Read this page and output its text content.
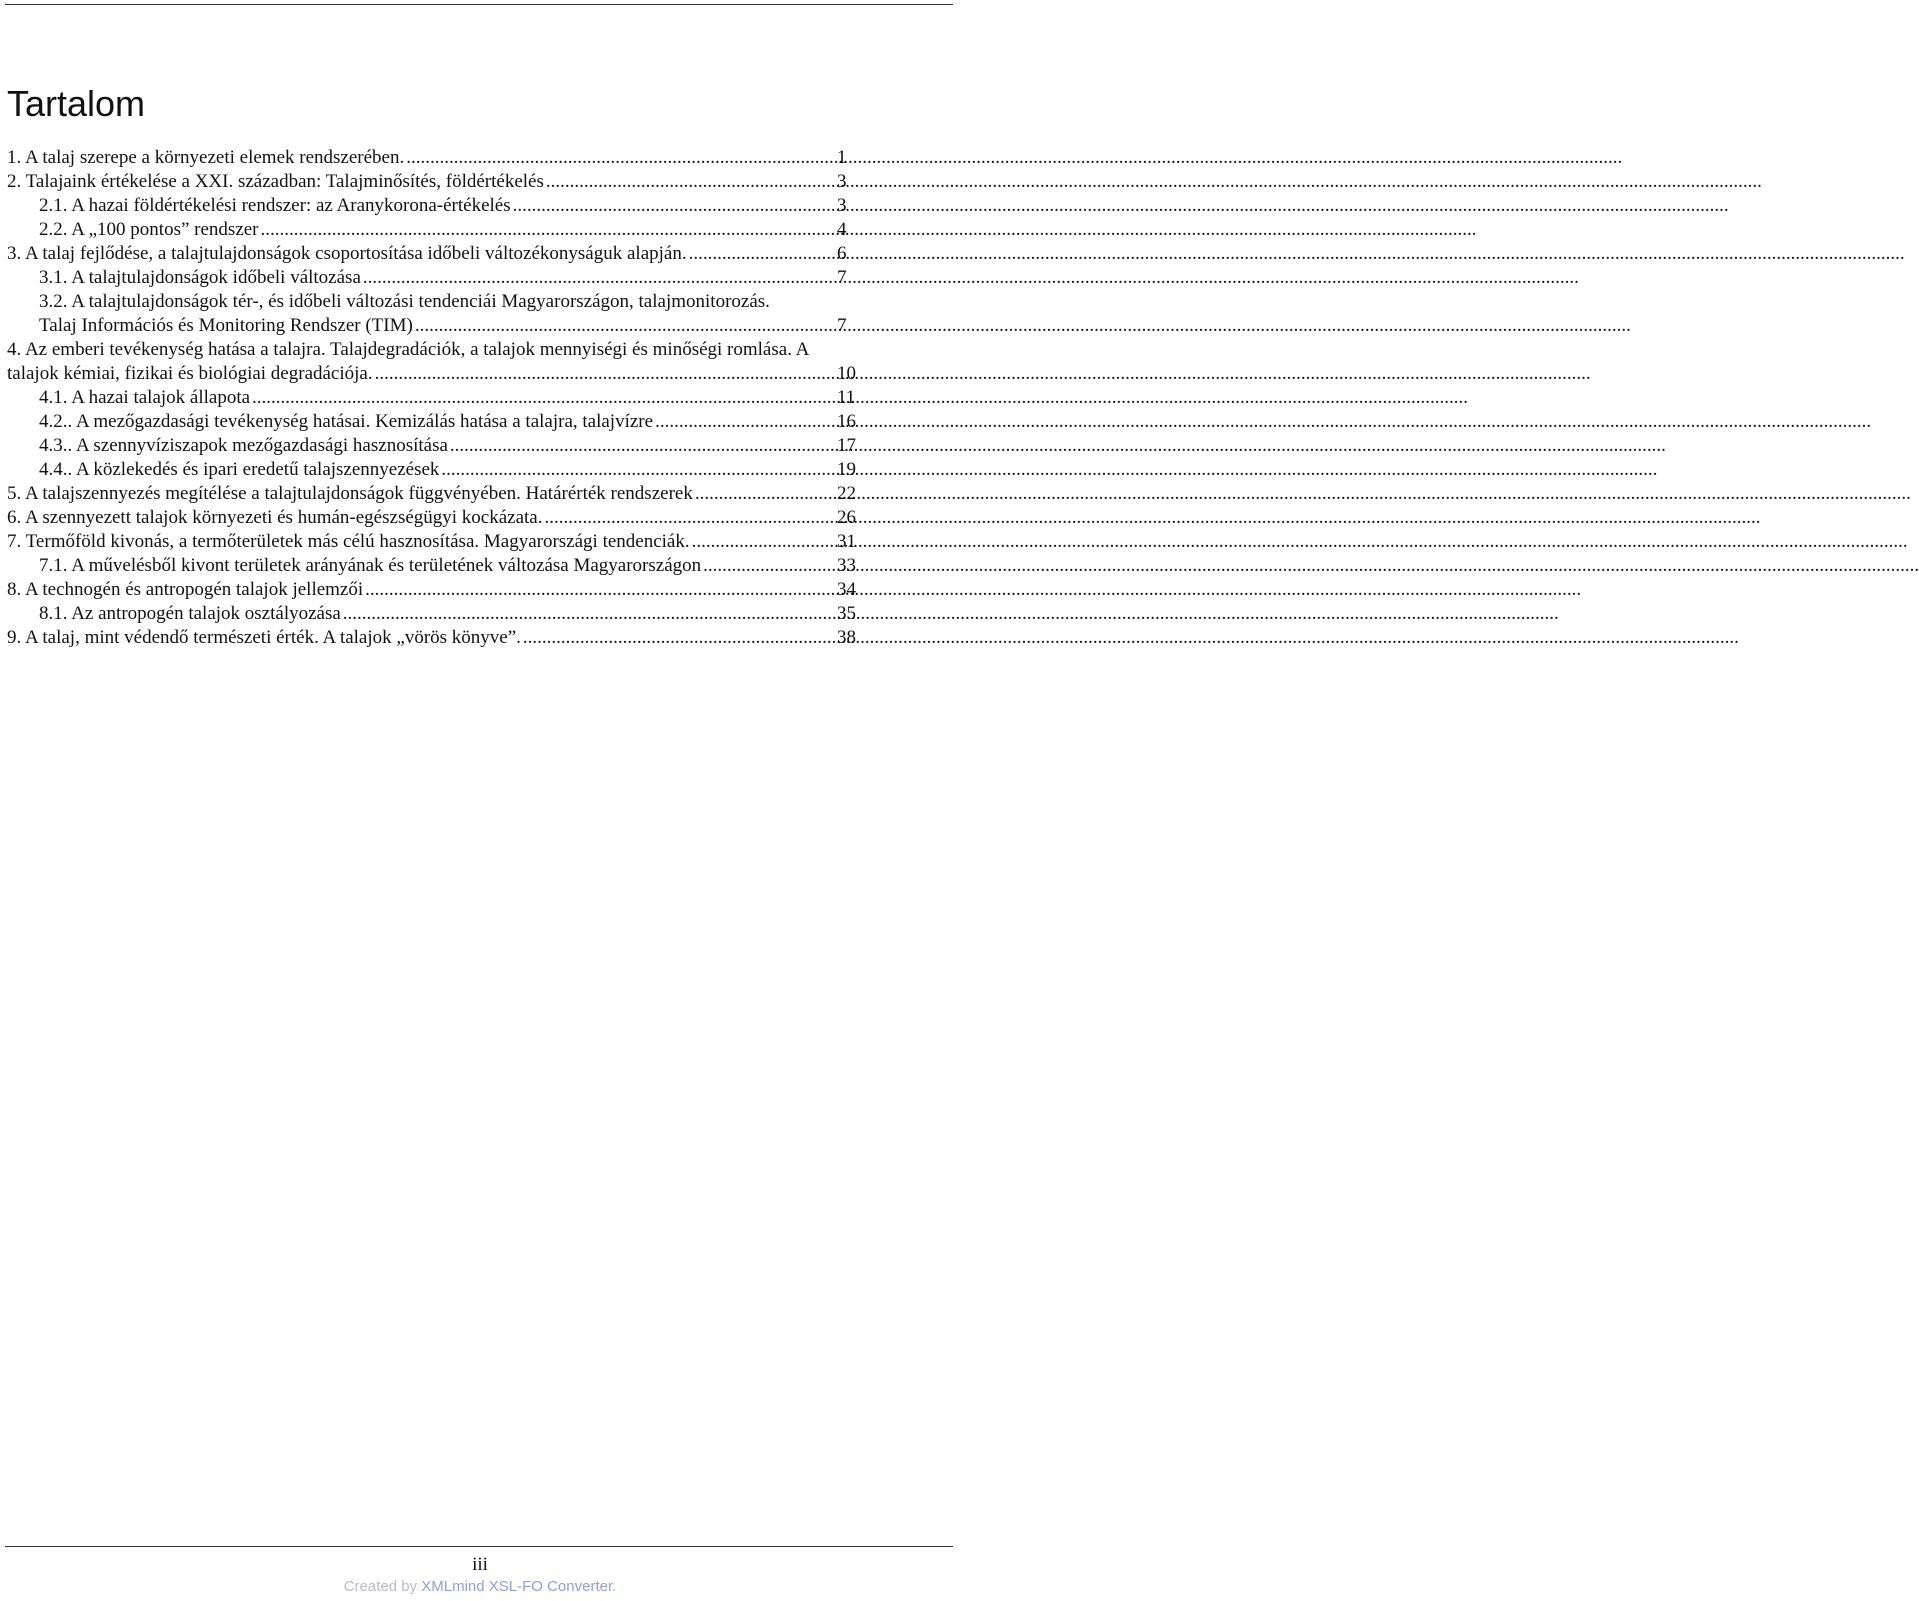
Tartalom
1. A talaj szerepe a környezeti elemek rendszerében. .....	1
2. Talajaink értékelése a XXI. században: Talajminősítés, földértékelés .....	3
2.1. A hazai földértékelési rendszer: az Aranykorona-értékelés .....	3
2.2. A „100 pontos” rendszer .....	4
3. A talaj fejlődése, a talajtulajdonságok csoportosítása időbeli változékonyságuk alapján. .....	6
3.1. A talajtulajdonságok időbeli változása .....	7
3.2. A talajtulajdonságok tér-, és időbeli változási tendenciái Magyarországon, talajmonitorozás.
Talaj Információs és Monitoring Rendszer (TIM) .....	7
4. Az emberi tevékenység hatása a talajra. Talajdegradációk, a talajok mennyiségi és minőségi romlása. A
talajok kémiai, fizikai és biológiai degradációja. .....	10
4.1. A hazai talajok állapota .....	11
4.2.. A mezőgazdasági tevékenység hatásai. Kemizálás hatása a talajra, talajvízre .....	16
4.3.. A szennyvíziszapok mezőgazdasági hasznosítása .....	17
4.4.. A közlekedés és ipari eredetű talajszennyezések .....	19
5. A talajszennyezés megítélése a talajtulajdonságok függvényében. Határérték rendszerek .....	22
6. A szennyezett talajok környezeti és humán-egészségügyi kockázata. .....	26
7. Termőföld kivonás, a termőterületek más célú hasznosítása. Magyarországi tendenciák. .....	31
7.1. A művelésből kivont területek arányának és területének változása Magyarországon .....	33
8. A technogén és antropogén talajok jellemzői .....	34
8.1. Az antropogén talajok osztályozása .....	35
9. A talaj, mint védendő természeti érték. A talajok „vörös könyve”. .....	38
iii
Created by XMLmind XSL-FO Converter.
